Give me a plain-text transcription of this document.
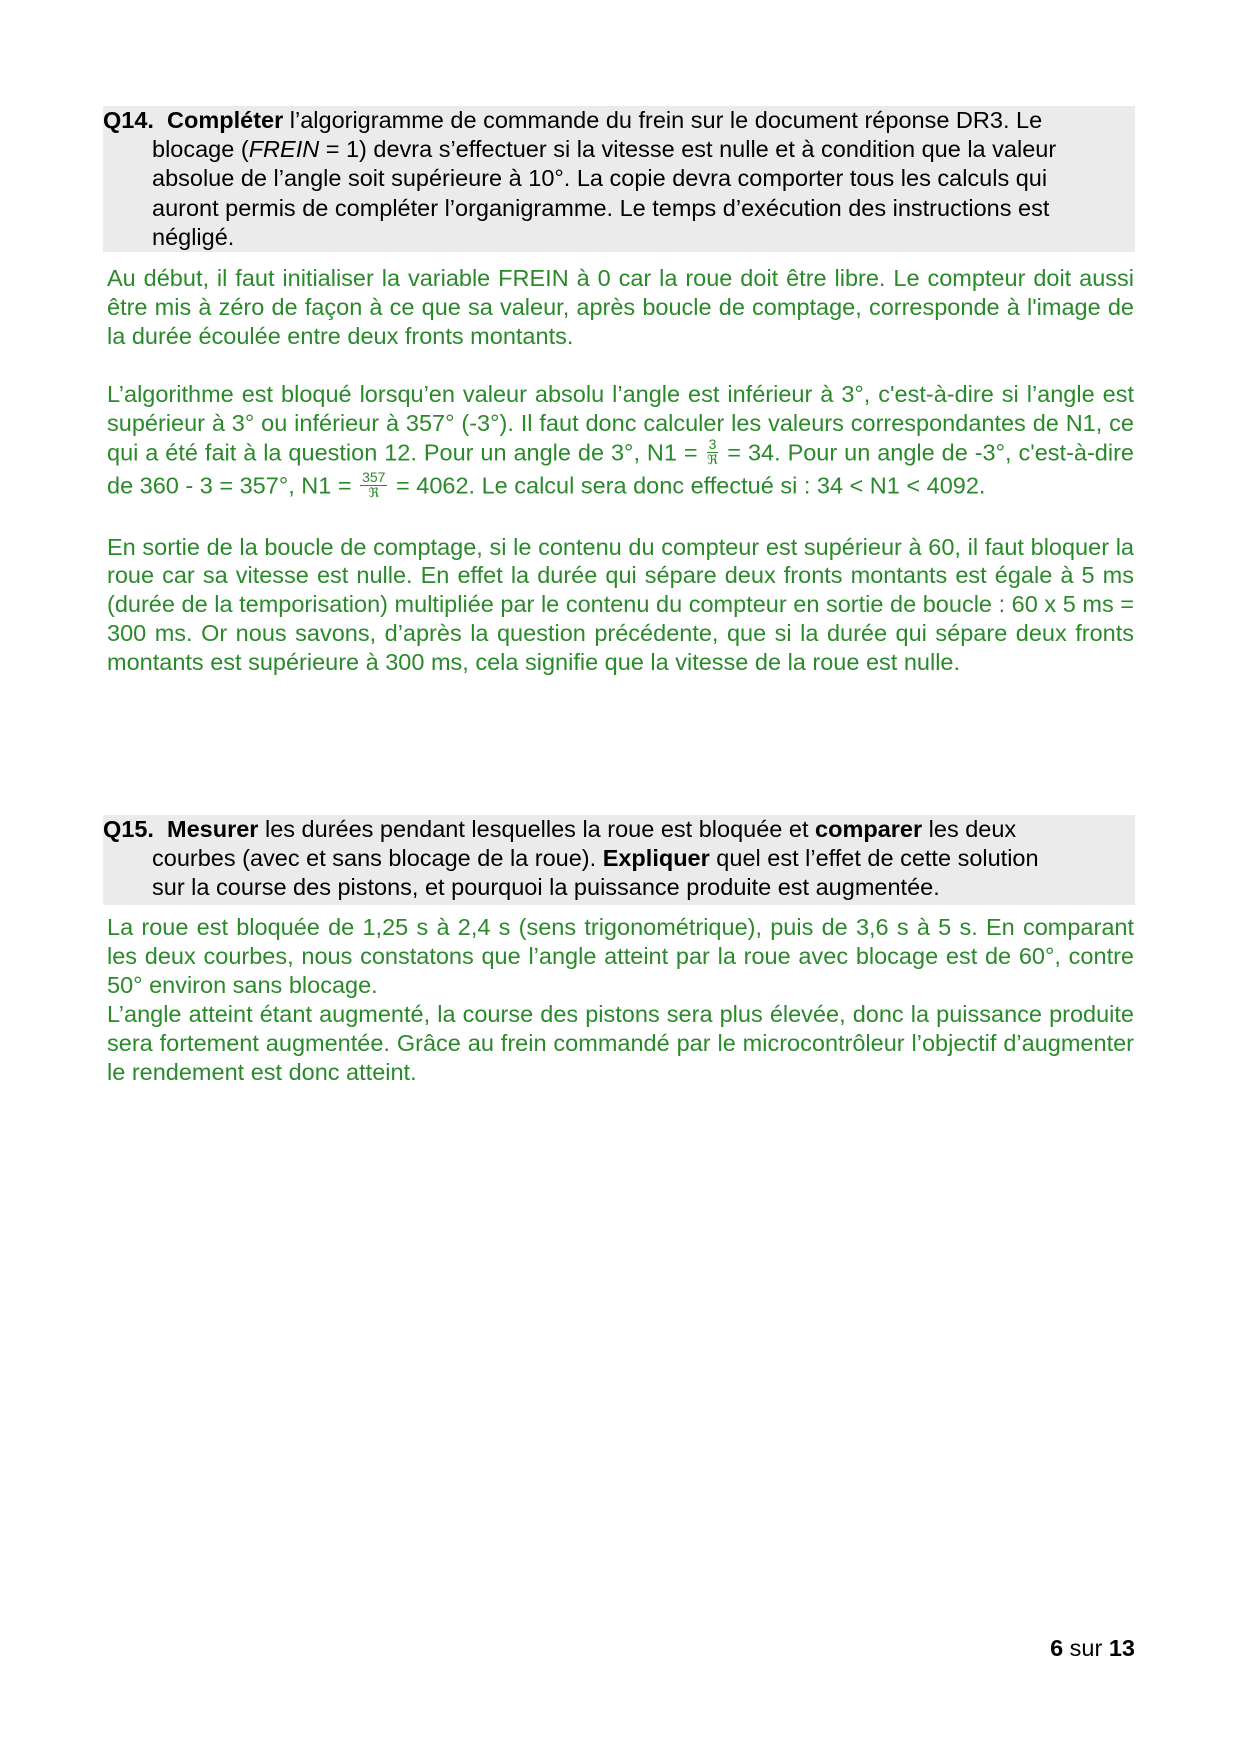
Q14. Compléter l’algorigramme de commande du frein sur le document réponse DR3. Le
blocage (FREIN = 1) devra s’effectuer si la vitesse est nulle et à condition que la valeur
absolue de l’angle soit supérieure à 10°. La copie devra comporter tous les calculs qui
auront permis de compléter l’organigramme. Le temps d’exécution des instructions est
négligé.

Au début, il faut initialiser la variable FREIN à 0 car la roue doit être libre. Le compteur doit aussi être mis à zéro de façon à ce que sa valeur, après boucle de comptage, corresponde à l'image de la durée écoulée entre deux fronts montants.

L’algorithme est bloqué lorsqu’en valeur absolu l’angle est inférieur à 3°, c'est-à-dire si l’angle est supérieur à 3° ou inférieur à 357° (-3°). Il faut donc calculer les valeurs correspondantes de N1, ce qui a été fait à la question 12. Pour un angle de 3°, $N1 = \frac{3}{\text{ℜ}} = 34$. Pour un angle de -3°, c'est-à-dire de 360 - 3 = 357°, $N1 = \frac{357}{\text{ℜ}} = 4062$. Le calcul sera donc effectué si : 34 < N1 < 4092.

En sortie de la boucle de comptage, si le contenu du compteur est supérieur à 60, il faut bloquer la roue car sa vitesse est nulle. En effet la durée qui sépare deux fronts montants est égale à 5 ms (durée de la temporisation) multipliée par le contenu du compteur en sortie de boucle : 60 x 5 ms = 300 ms. Or nous savons, d’après la question précédente, que si la durée qui sépare deux fronts montants est supérieure à 300 ms, cela signifie que la vitesse de la roue est nulle.

Q15. Mesurer les durées pendant lesquelles la roue est bloquée et comparer les deux
courbes (avec et sans blocage de la roue). Expliquer quel est l’effet de cette solution
sur la course des pistons, et pourquoi la puissance produite est augmentée.

La roue est bloquée de 1,25 s à 2,4 s (sens trigonométrique), puis de 3,6 s à 5 s. En comparant les deux courbes, nous constatons que l’angle atteint par la roue avec blocage est de 60°, contre 50° environ sans blocage.

L’angle atteint étant augmenté, la course des pistons sera plus élevée, donc la puissance produite sera fortement augmentée. Grâce au frein commandé par le microcontrôleur l’objectif d’augmenter le rendement est donc atteint.

6 sur 13
